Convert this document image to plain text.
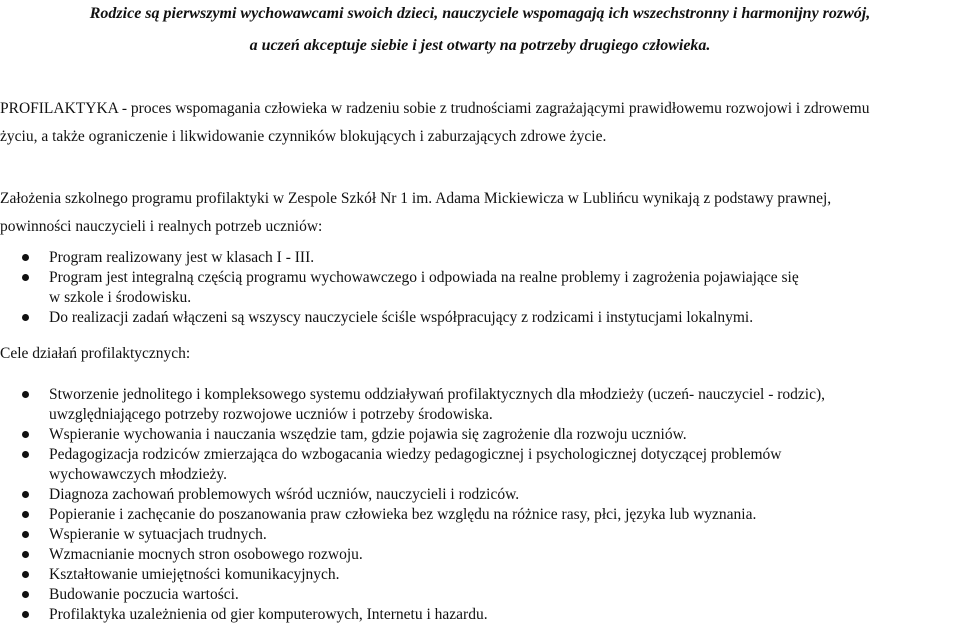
Rodzice są pierwszymi wychowawcami swoich dzieci, nauczyciele wspomagają ich wszechstronny i harmonijny rozwój,
a uczeń akceptuje siebie i jest otwarty na potrzeby drugiego człowieka.
PROFILAKTYKA - proces wspomagania człowieka w radzeniu sobie z trudnościami zagrażającymi prawidłowemu rozwojowi i zdrowemu
życiu, a także ograniczenie i likwidowanie czynników blokujących i zaburzających zdrowe życie.
Założenia szkolnego programu profilaktyki w Zespole Szkół Nr 1 im. Adama Mickiewicza w Lublińcu wynikają z podstawy prawnej,
powinności nauczycieli i realnych potrzeb uczniów:
Program realizowany jest w klasach I - III.
Program jest integralną częścią programu wychowawczego i odpowiada na realne problemy i zagrożenia pojawiające się
w szkole i środowisku.
Do realizacji zadań włączeni są wszyscy nauczyciele ściśle współpracujący z rodzicami i instytucjami lokalnymi.
Cele działań profilaktycznych:
Stworzenie jednolitego i kompleksowego systemu oddziaływań profilaktycznych dla młodzieży (uczeń- nauczyciel - rodzic),
uwzględniającego potrzeby rozwojowe uczniów i potrzeby środowiska.
Wspieranie wychowania i nauczania wszędzie tam, gdzie pojawia się zagrożenie dla rozwoju uczniów.
Pedagogizacja rodziców zmierzająca do wzbogacania wiedzy pedagogicznej i psychologicznej dotyczącej problemów
wychowawczych młodzieży.
Diagnoza zachowań problemowych wśród uczniów, nauczycieli i rodziców.
Popieranie i zachęcanie do poszanowania praw człowieka bez względu na różnice rasy, płci, języka lub wyznania.
Wspieranie w sytuacjach trudnych.
Wzmacnianie mocnych stron osobowego rozwoju.
Kształtowanie umiejętności komunikacyjnych.
Budowanie poczucia wartości.
Profilaktyka uzależnienia od gier komputerowych, Internetu i hazardu.
